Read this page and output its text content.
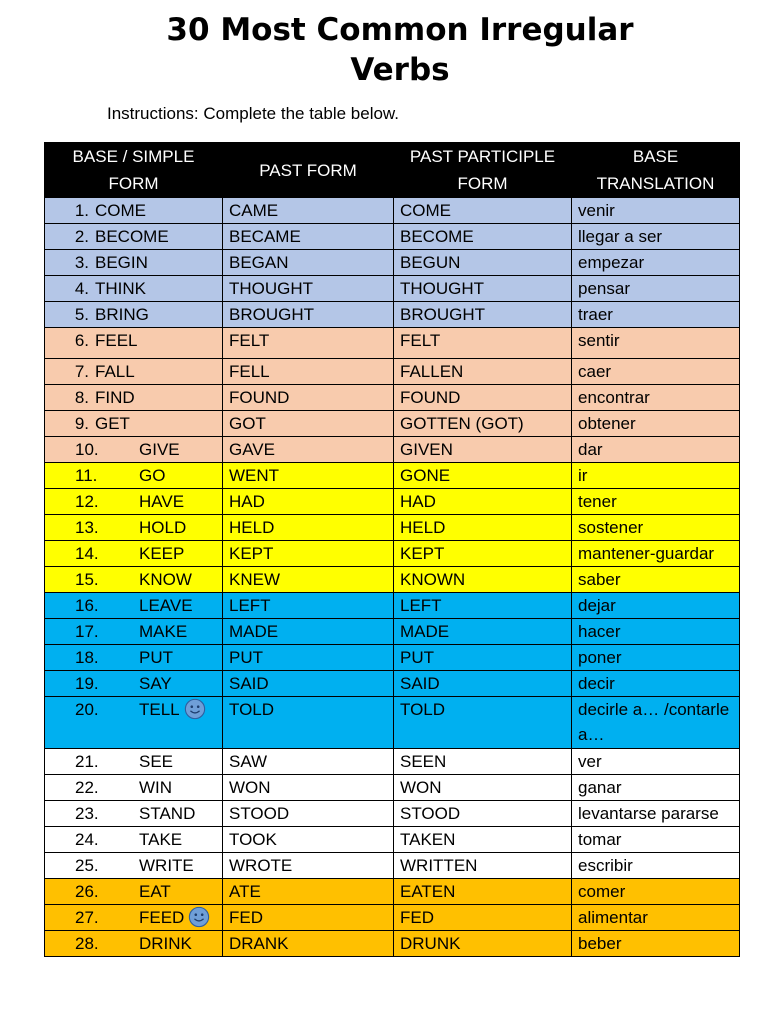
30 Most Common Irregular
Verbs
Instructions: Complete the table below.
BASE / SIMPLE FORM	PAST FORM	PAST PARTICIPLE FORM	BASE TRANSLATION
1. COME	CAME	COME	venir
2. BECOME	BECAME	BECOME	llegar a ser
3. BEGIN	BEGAN	BEGUN	empezar
4. THINK	THOUGHT	THOUGHT	pensar
5. BRING	BROUGHT	BROUGHT	traer
6. FEEL	FELT	FELT	sentir
7. FALL	FELL	FALLEN	caer
8. FIND	FOUND	FOUND	encontrar
9. GET	GOT	GOTTEN (GOT)	obtener
10. GIVE	GAVE	GIVEN	dar
11. GO	WENT	GONE	ir
12. HAVE	HAD	HAD	tener
13. HOLD	HELD	HELD	sostener
14. KEEP	KEPT	KEPT	mantener-guardar
15. KNOW	KNEW	KNOWN	saber
16. LEAVE	LEFT	LEFT	dejar
17. MAKE	MADE	MADE	hacer
18. PUT	PUT	PUT	poner
19. SAY	SAID	SAID	decir
20. TELL	TOLD	TOLD	decirle a… /contarle a…
21. SEE	SAW	SEEN	ver
22. WIN	WON	WON	ganar
23. STAND	STOOD	STOOD	levantarse pararse
24. TAKE	TOOK	TAKEN	tomar
25. WRITE	WROTE	WRITTEN	escribir
26. EAT	ATE	EATEN	comer
27. FEED	FED	FED	alimentar
28. DRINK	DRANK	DRUNK	beber
